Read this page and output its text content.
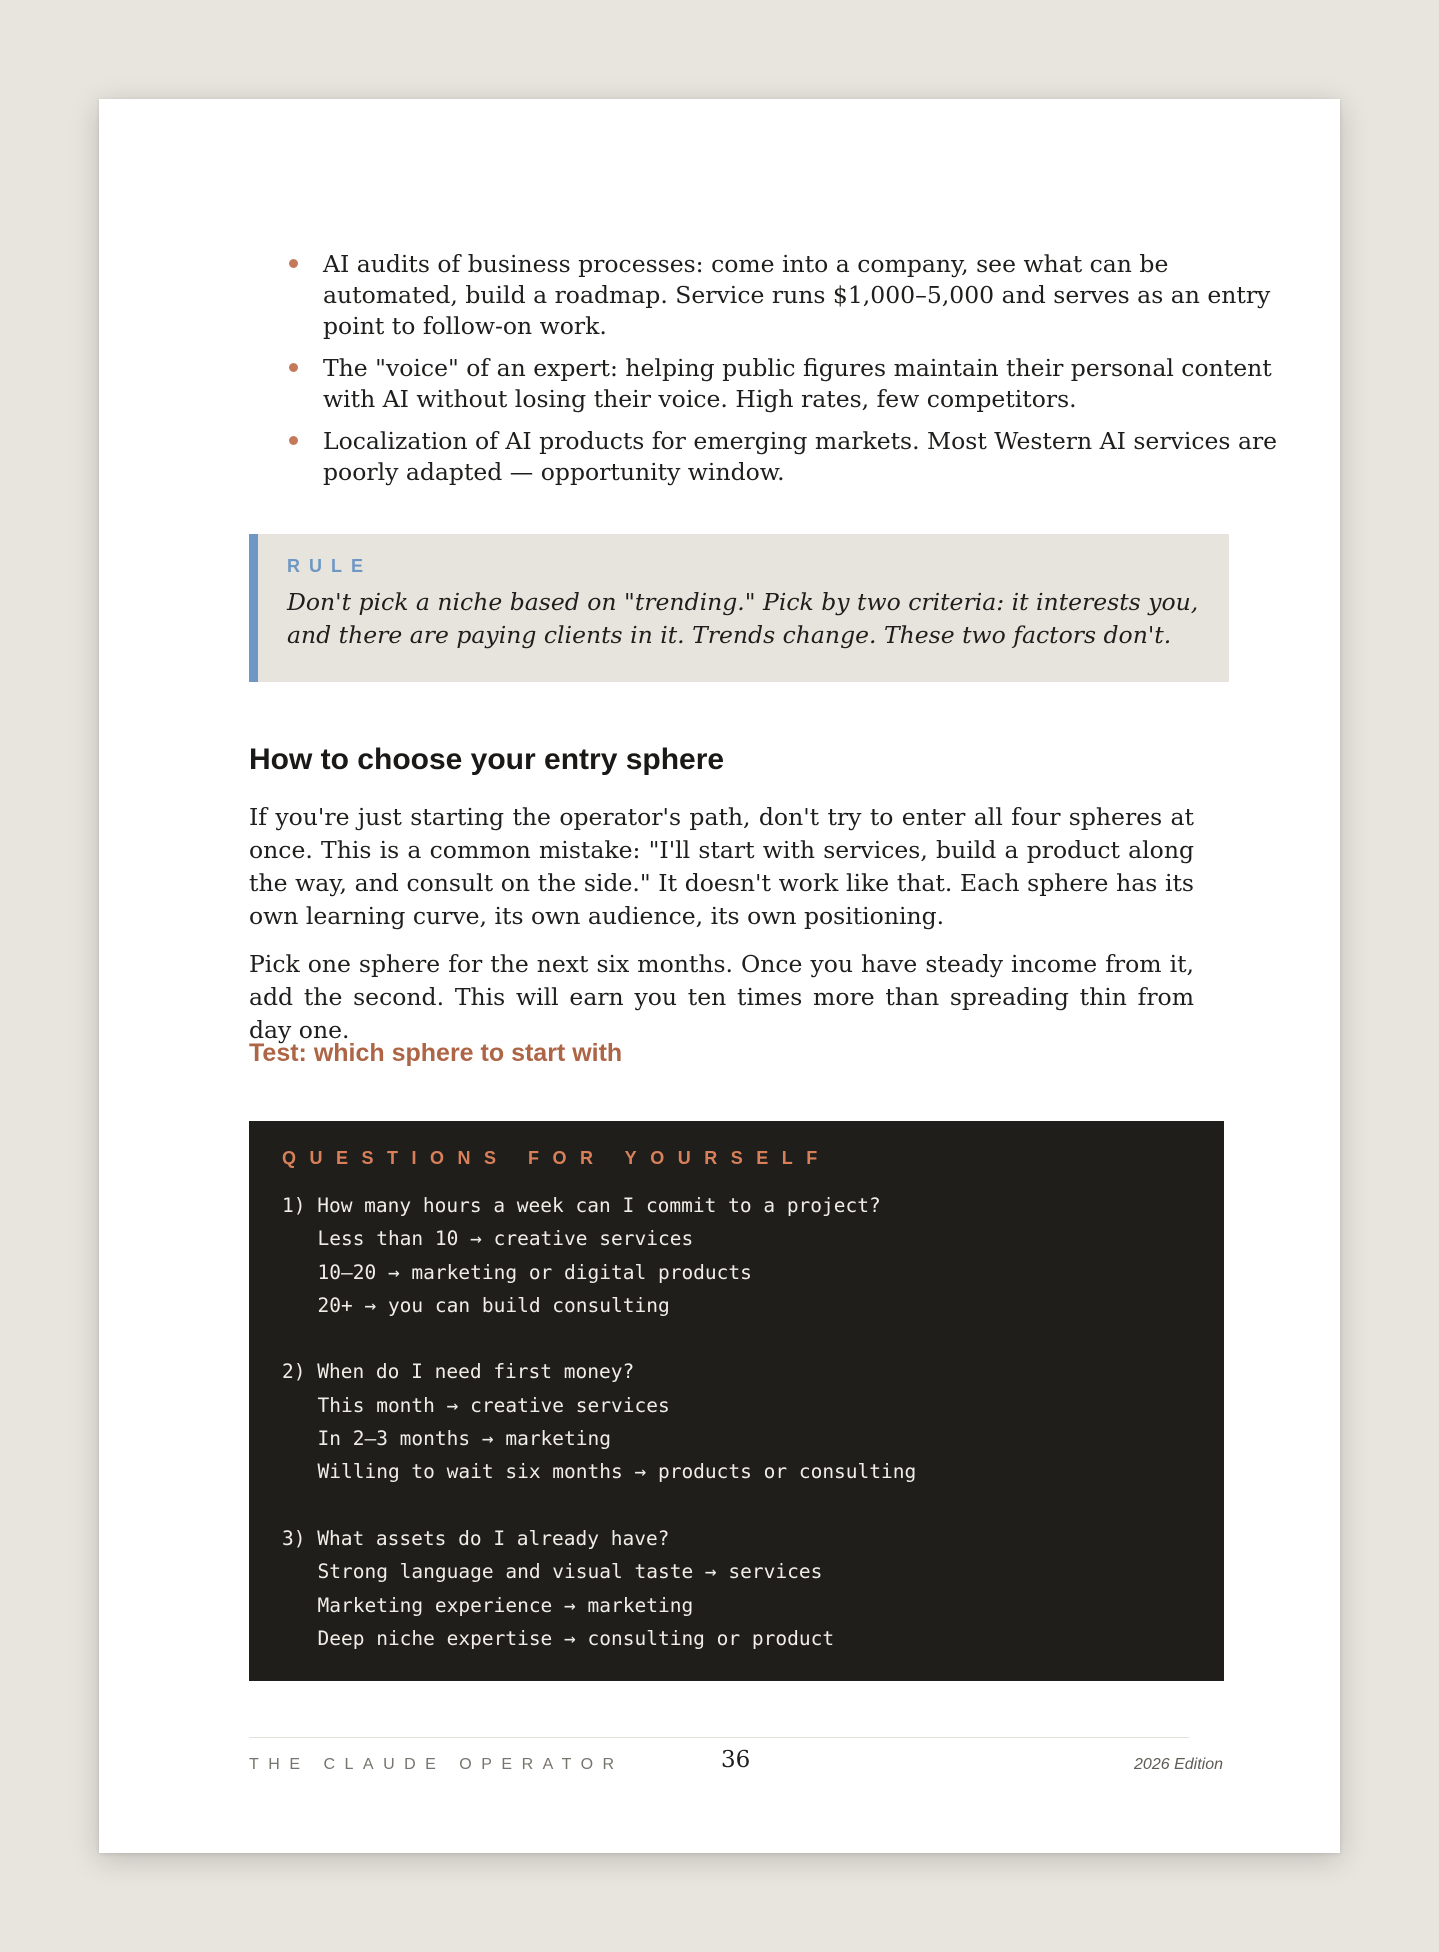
AI audits of business processes: come into a company, see what can be automated, build a roadmap. Service runs $1,000–5,000 and serves as an entry point to follow-on work.
The "voice" of an expert: helping public figures maintain their personal content with AI without losing their voice. High rates, few competitors.
Localization of AI products for emerging markets. Most Western AI services are poorly adapted — opportunity window.
RULE

Don't pick a niche based on "trending." Pick by two criteria: it interests you, and there are paying clients in it. Trends change. These two factors don't.

How to choose your entry sphere

If you're just starting the operator's path, don't try to enter all four spheres at once. This is a common mistake: "I'll start with services, build a product along the way, and consult on the side." It doesn't work like that. Each sphere has its own learning curve, its own audience, its own positioning.

Pick one sphere for the next six months. Once you have steady income from it, add the second. This will earn you ten times more than spreading thin from day one.

Test: which sphere to start with
QUESTIONS FOR YOURSELF
1) How many hours a week can I commit to a project?
Less than 10 → creative services
10–20 → marketing or digital products
20+ → you can build consulting
2) When do I need first money?
This month → creative services
In 2–3 months → marketing
Willing to wait six months → products or consulting
3) What assets do I already have?
Strong language and visual taste → services
Marketing experience → marketing
Deep niche expertise → consulting or product
THE CLAUDE OPERATOR	36	2026 Edition
